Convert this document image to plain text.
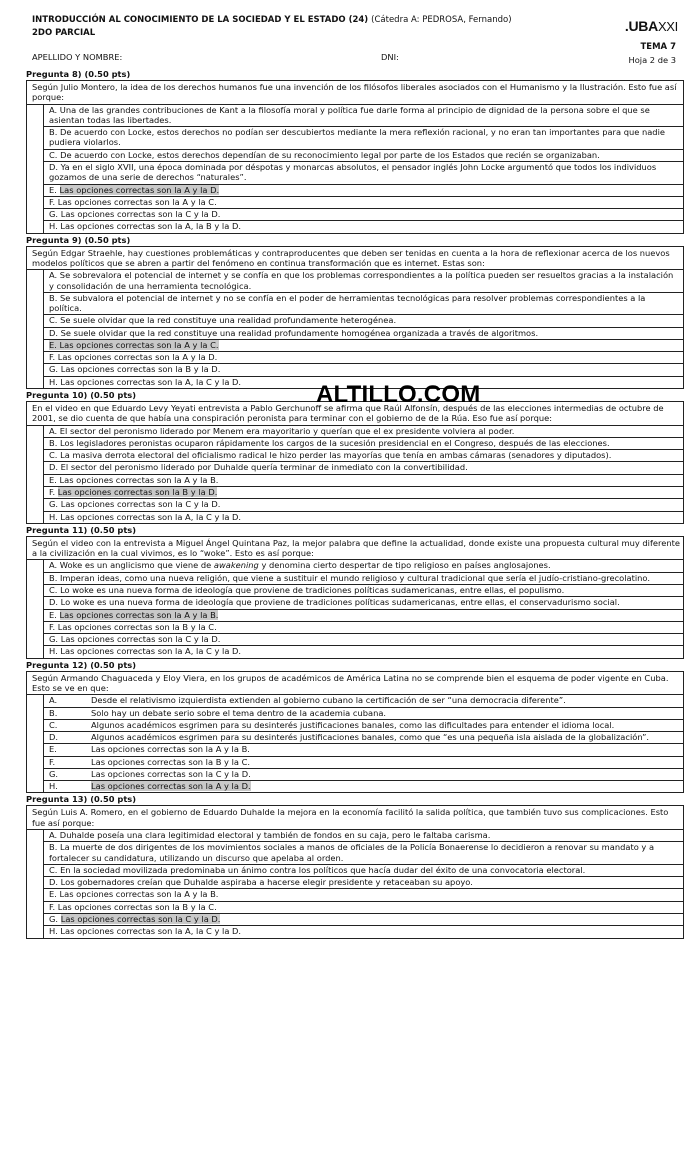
INTRODUCCIÓN AL CONOCIMIENTO DE LA SOCIEDAD Y EL ESTADO (24) (Cátedra A: PEDROSA, Fernando)
2DO PARCIAL
APELLIDO Y NOMBRE:	DNI:
.UBAXXI
TEMA 7
Hoja 2 de 3
Pregunta 8) (0.50 pts)
Según Julio Montero, la idea de los derechos humanos fue una invención de los filósofos liberales asociados con el Humanismo y la Ilustración. Esto fue así porque:
A. Una de las grandes contribuciones de Kant a la filosofía moral y política fue darle forma al principio de dignidad de la persona sobre el que se asientan todas las libertades.
B. De acuerdo con Locke, estos derechos no podían ser descubiertos mediante la mera reflexión racional, y no eran tan importantes para que nadie pudiera violarlos.
C. De acuerdo con Locke, estos derechos dependían de su reconocimiento legal por parte de los Estados que recién se organizaban.
D. Ya en el siglo XVII, una época dominada por déspotas y monarcas absolutos, el pensador inglés John Locke argumentó que todos los individuos gozamos de una serie de derechos “naturales”.
E. Las opciones correctas son la A y la D.
F. Las opciones correctas son la A y la C.
G. Las opciones correctas son la C y la D.
H. Las opciones correctas son la A, la B y la D.
Pregunta 9) (0.50 pts)
Según Edgar Straehle, hay cuestiones problemáticas y contraproducentes que deben ser tenidas en cuenta a la hora de reflexionar acerca de los nuevos modelos políticos que se abren a partir del fenómeno en continua transformación que es internet. Estas son:
A. Se sobrevalora el potencial de internet y se confía en que los problemas correspondientes a la política pueden ser resueltos gracias a la instalación y consolidación de una herramienta tecnológica.
B. Se subvalora el potencial de internet y no se confía en el poder de herramientas tecnológicas para resolver problemas correspondientes a la política.
C. Se suele olvidar que la red constituye una realidad profundamente heterogénea.
D. Se suele olvidar que la red constituye una realidad profundamente homogénea organizada a través de algoritmos.
E. Las opciones correctas son la A y la C.
F. Las opciones correctas son la A y la D.
G. Las opciones correctas son la B y la D.
H. Las opciones correctas son la A, la C y la D.
Pregunta 10) (0.50 pts)
En el video en que Eduardo Levy Yeyati entrevista a Pablo Gerchunoff se afirma que Raúl Alfonsín, después de las elecciones intermedias de octubre de 2001, se dio cuenta de que había una conspiración peronista para terminar con el gobierno de de la Rúa. Eso fue así porque:
A. El sector del peronismo liderado por Menem era mayoritario y querían que el ex presidente volviera al poder.
B. Los legisladores peronistas ocuparon rápidamente los cargos de la sucesión presidencial en el Congreso, después de las elecciones.
C. La masiva derrota electoral del oficialismo radical le hizo perder las mayorías que tenía en ambas cámaras (senadores y diputados).
D. El sector del peronismo liderado por Duhalde quería terminar de inmediato con la convertibilidad.
E. Las opciones correctas son la A y la B.
F. Las opciones correctas son la B y la D.
G. Las opciones correctas son la C y la D.
H. Las opciones correctas son la A, la C y la D.
Pregunta 11) (0.50 pts)
Según el video con la entrevista a Miguel Ángel Quintana Paz, la mejor palabra que define la actualidad, donde existe una propuesta cultural muy diferente a la civilización en la cual vivimos, es lo “woke”. Esto es así porque:
A. Woke es un anglicismo que viene de awakening y denomina cierto despertar de tipo religioso en países anglosajones.
B. Imperan ideas, como una nueva religión, que viene a sustituir el mundo religioso y cultural tradicional que sería el judío-cristiano-grecolatino.
C. Lo woke es una nueva forma de ideología que proviene de tradiciones políticas sudamericanas, entre ellas, el populismo.
D. Lo woke es una nueva forma de ideología que proviene de tradiciones políticas sudamericanas, entre ellas, el conservadurismo social.
E. Las opciones correctas son la A y la B.
F. Las opciones correctas son la B y la C.
G. Las opciones correctas son la C y la D.
H. Las opciones correctas son la A, la C y la D.
Pregunta 12) (0.50 pts)
Según Armando Chaguaceda y Eloy Viera, en los grupos de académicos de América Latina no se comprende bien el esquema de poder vigente en Cuba. Esto se ve en que:
A.	Desde el relativismo izquierdista extienden al gobierno cubano la certificación de ser “una democracia diferente”.
B.	Solo hay un debate serio sobre el tema dentro de la academia cubana.
C.	Algunos académicos esgrimen para su desinterés justificaciones banales, como las dificultades para entender el idioma local.
D.	Algunos académicos esgrimen para su desinterés justificaciones banales, como que “es una pequeña isla aislada de la globalización”.
E.	Las opciones correctas son la A y la B.
F.	Las opciones correctas son la B y la C.
G.	Las opciones correctas son la C y la D.
H.	Las opciones correctas son la A y la D.
Pregunta 13) (0.50 pts)
Según Luis A. Romero, en el gobierno de Eduardo Duhalde la mejora en la economía facilitó la salida política, que también tuvo sus complicaciones. Esto fue así porque:
A. Duhalde poseía una clara legitimidad electoral y también de fondos en su caja, pero le faltaba carisma.
B. La muerte de dos dirigentes de los movimientos sociales a manos de oficiales de la Policía Bonaerense lo decidieron a renovar su mandato y a fortalecer su candidatura, utilizando un discurso que apelaba al orden.
C. En la sociedad movilizada predominaba un ánimo contra los políticos que hacía dudar del éxito de una convocatoria electoral.
D. Los gobernadores creían que Duhalde aspiraba a hacerse elegir presidente y retaceaban su apoyo.
E. Las opciones correctas son la A y la B.
F. Las opciones correctas son la B y la C.
G. Las opciones correctas son la C y la D.
H. Las opciones correctas son la A, la C y la D.
ALTILLO.COM
